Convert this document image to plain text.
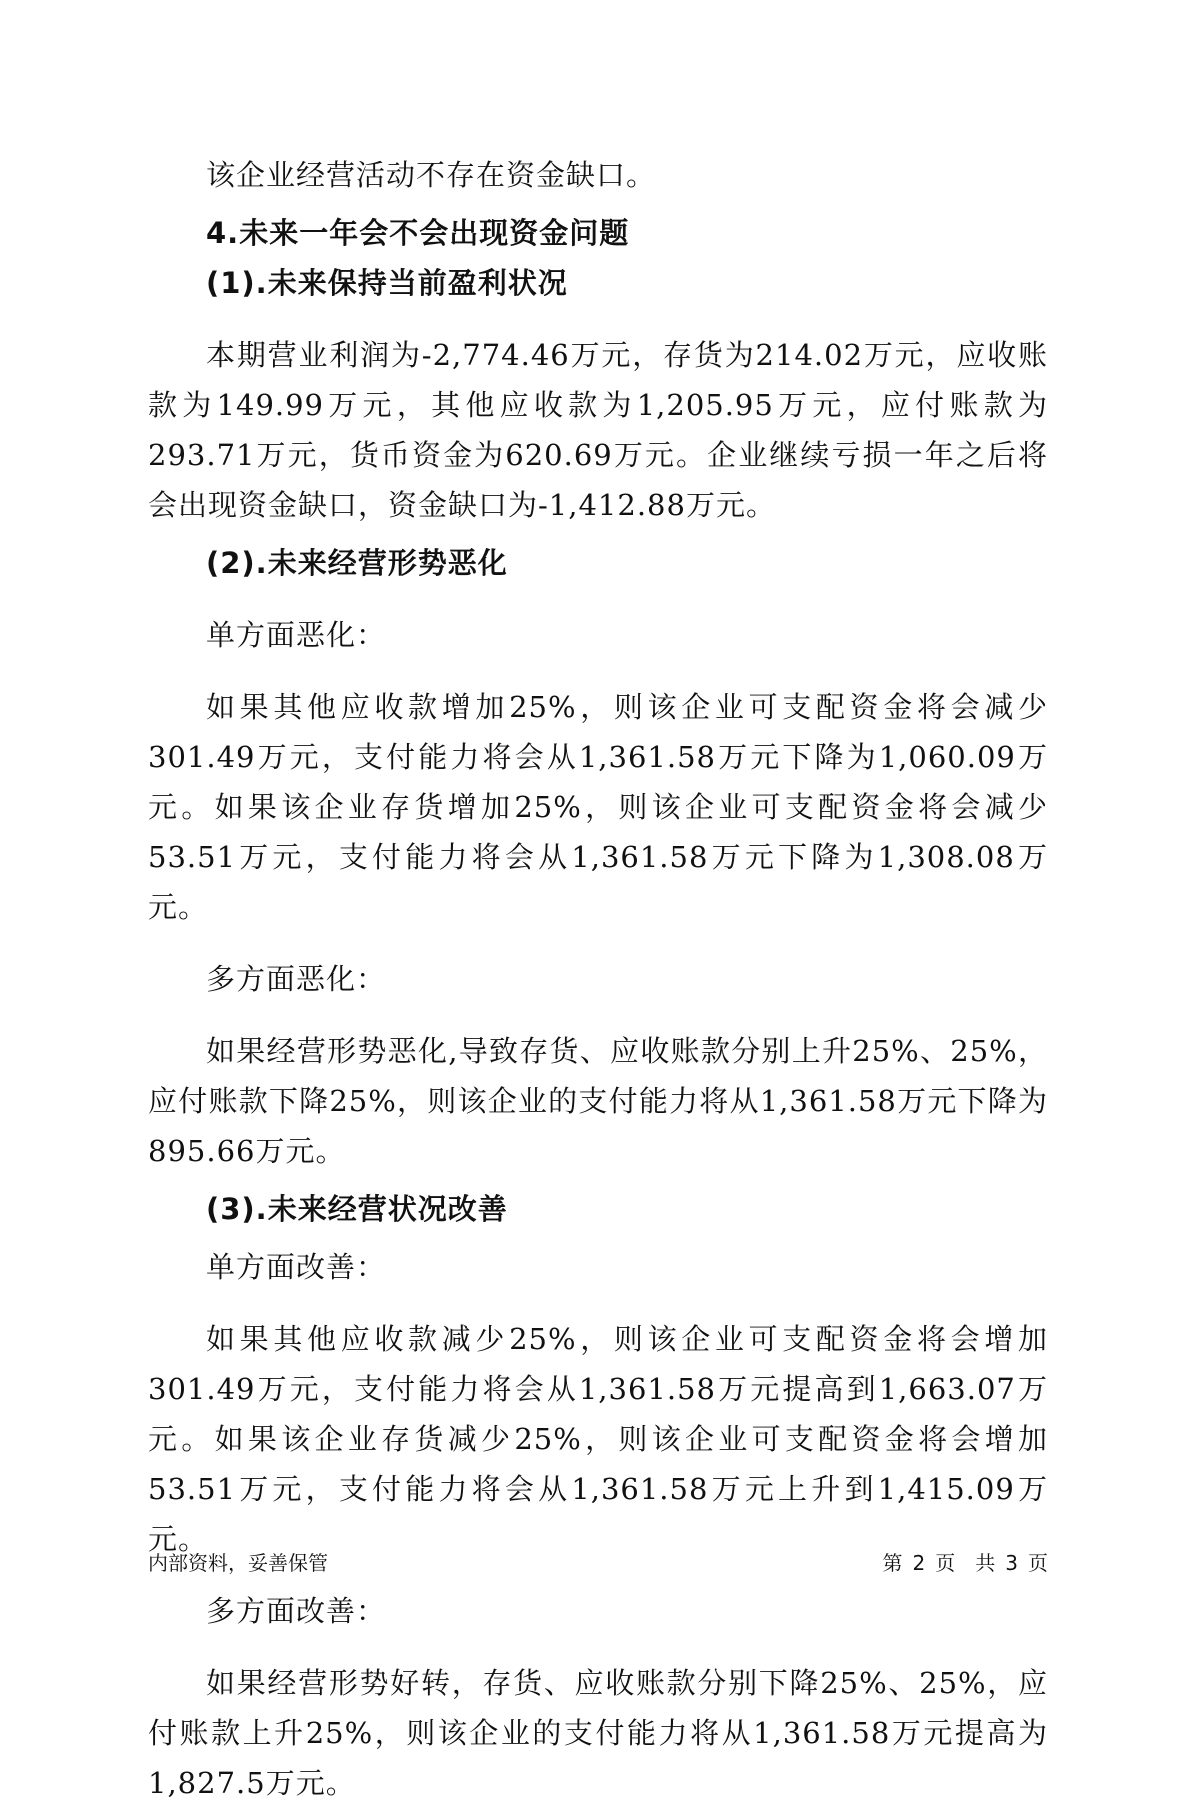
该企业经营活动不存在资金缺口。

4.未来一年会不会出现资金问题

(1).未来保持当前盈利状况

本期营业利润为-2,774.46万元，存货为214.02万元，应收账款为149.99万元，其他应收款为1,205.95万元，应付账款为293.71万元，货币资金为620.69万元。企业继续亏损一年之后将会出现资金缺口，资金缺口为-1,412.88万元。

(2).未来经营形势恶化

单方面恶化：

如果其他应收款增加25%，则该企业可支配资金将会减少301.49万元，支付能力将会从1,361.58万元下降为1,060.09万元。如果该企业存货增加25%，则该企业可支配资金将会减少53.51万元，支付能力将会从1,361.58万元下降为1,308.08万元。

多方面恶化：

如果经营形势恶化,导致存货、应收账款分别上升25%、25%，应付账款下降25%，则该企业的支付能力将从1,361.58万元下降为895.66万元。

(3).未来经营状况改善

单方面改善：

如果其他应收款减少25%，则该企业可支配资金将会增加301.49万元，支付能力将会从1,361.58万元提高到1,663.07万元。如果该企业存货减少25%，则该企业可支配资金将会增加53.51万元，支付能力将会从1,361.58万元上升到1,415.09万元。

多方面改善：

如果经营形势好转，存货、应收账款分别下降25%、25%，应付账款上升25%，则该企业的支付能力将从1,361.58万元提高为1,827.5万元。

内部资料，妥善保管	第 2 页 共 3 页
